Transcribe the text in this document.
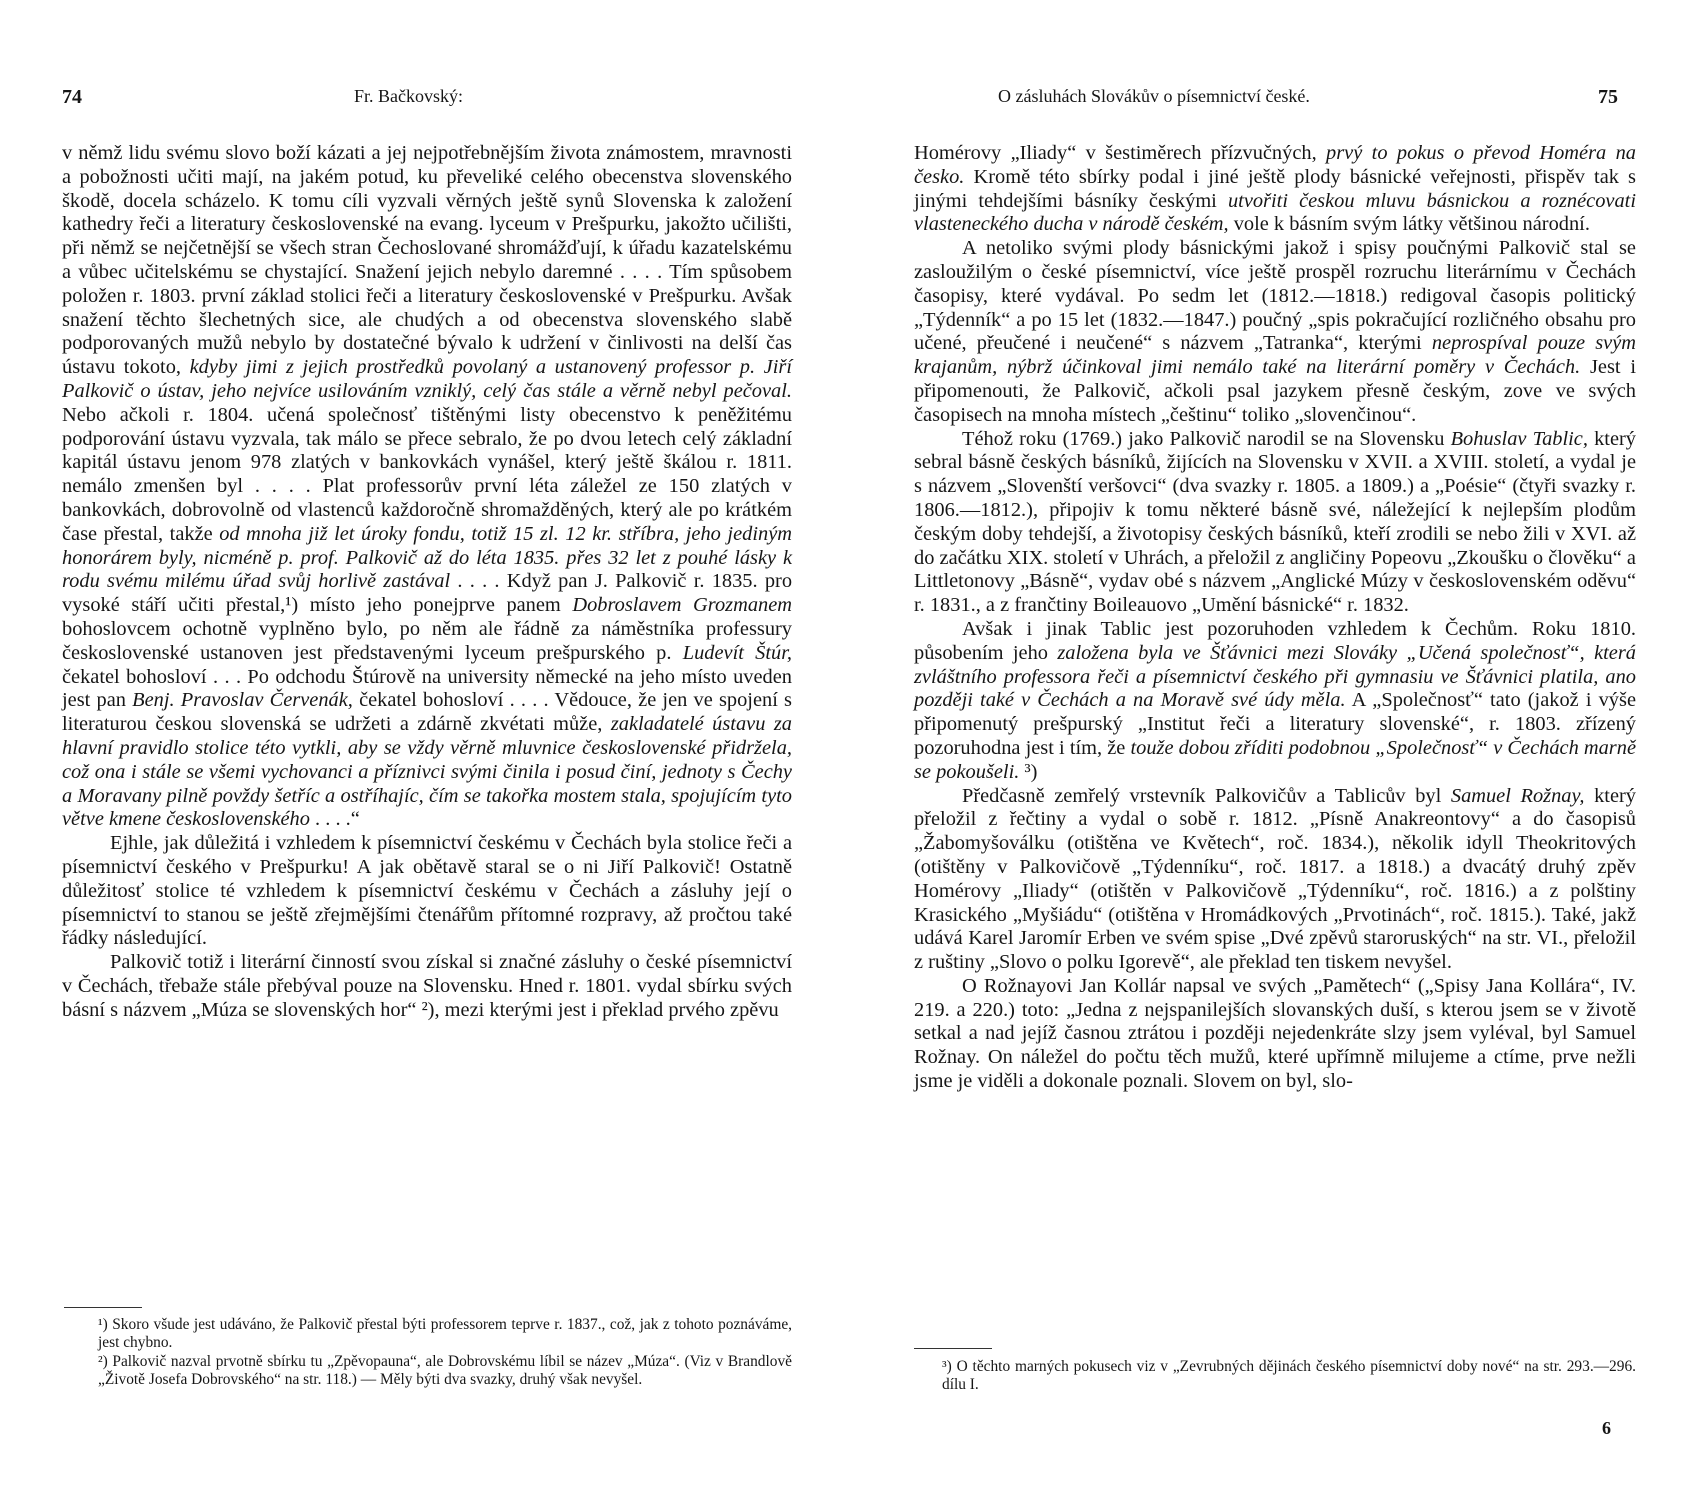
74	Fr. Bačkovský:

v němž lidu svému slovo boží kázati a jej nejpotřebnějším života známostem, mravnosti a pobožnosti učiti mají, na jakém potud, ku převeliké celého obecenstva slovenského škodě, docela scházelo. K tomu cíli vyzvali věrných ještě synů Slovenska k založení kathedry řeči a literatury československé na evang. lyceum v Prešpurku, jakožto učilišti, při němž se nejčetnější se všech stran Čechoslované shromážďují, k úřadu kazatelskému a vůbec učitelskému se chystající. Snažení jejich nebylo daremné . . . . Tím spůsobem položen r. 1803. první základ stolici řeči a literatury československé v Prešpurku. Avšak snažení těchto šlechetných sice, ale chudých a od obecenstva slovenského slabě podporovaných mužů nebylo by dostatečné bývalo k udržení v činlivosti na delší čas ústavu tokoto, kdyby jimi z jejich prostředků povolaný a ustanovený professor p. Jiří Palkovič o ústav, jeho nejvíce usilováním vzniklý, celý čas stále a věrně nebyl pečoval. Nebo ačkoli r. 1804. učená společnosť tištěnými listy obecenstvo k peněžitému podporování ústavu vyzvala, tak málo se přece sebralo, že po dvou letech celý základní kapitál ústavu jenom 978 zlatých v bankovkách vynášel, který ještě škálou r. 1811. nemálo zmenšen byl . . . . Plat professorův první léta záležel ze 150 zlatých v bankovkách, dobrovolně od vlastenců každoročně shromažděných, který ale po krátkém čase přestal, takže od mnoha již let úroky fondu, totiž 15 zl. 12 kr. stříbra, jeho jediným honorárem byly, nicméně p. prof. Palkovič až do léta 1835. přes 32 let z pouhé lásky k rodu svému milému úřad svůj horlivě zastával . . . . Když pan J. Palkovič r. 1835. pro vysoké stáří učiti přestal,¹) místo jeho ponejprve panem Dobroslavem Grozmanem bohoslovcem ochotně vyplněno bylo, po něm ale řádně za náměstníka professury československé ustanoven jest představenými lyceum prešpurského p. Ludevít Štúr, čekatel bohosloví . . . Po odchodu Štúrově na university německé na jeho místo uveden jest pan Benj. Pravoslav Červenák, čekatel bohosloví . . . . Vědouce, že jen ve spojení s literaturou českou slovenská se udržeti a zdárně zkvétati může, zakladatelé ústavu za hlavní pravidlo stolice této vytkli, aby se vždy věrně mluvnice československé přidržela, což ona i stále se všemi vychovanci a příznivci svými činila i posud činí, jednoty s Čechy a Moravany pilně povždy šetříc a ostříhajíc, čím se takořka mostem stala, spojujícím tyto větve kmene československého . . . .“

Ejhle, jak důležitá i vzhledem k písemnictví českému v Čechách byla stolice řeči a písemnictví českého v Prešpurku! A jak obětavě staral se o ni Jiří Palkovič! Ostatně důležitosť stolice té vzhledem k písemnictví českému v Čechách a zásluhy její o písemnictví to stanou se ještě zřejmějšími čtenářům přítomné rozpravy, až pročtou také řádky následující.

Palkovič totiž i literární činností svou získal si značné zásluhy o české písemnictví v Čechách, třebaže stále přebýval pouze na Slovensku. Hned r. 1801. vydal sbírku svých básní s názvem „Múza se slovenských hor“ ²), mezi kterými jest i překlad prvého zpěvu

¹) Skoro všude jest udáváno, že Palkovič přestal býti professorem teprve r. 1837., což, jak z tohoto poznáváme, jest chybno.

²) Palkovič nazval prvotně sbírku tu „Zpěvopauna“, ale Dobrovskému líbil se název „Múza“. (Viz v Brandlově „Životě Josefa Dobrovského“ na str. 118.) — Měly býti dva svazky, druhý však nevyšel.

O zásluhách Slovákův o písemnictví české.	75

Homérovy „Iliady“ v šestiměrech přízvučných, prvý to pokus o převod Homéra na česko. Kromě této sbírky podal i jiné ještě plody básnické veřejnosti, přispěv tak s jinými tehdejšími básníky českými utvořiti českou mluvu básnickou a roznécovati vlasteneckého ducha v národě českém, vole k básním svým látky většinou národní.

A netoliko svými plody básnickými jakož i spisy poučnými Palkovič stal se zasloužilým o české písemnictví, více ještě prospěl rozruchu literárnímu v Čechách časopisy, které vydával. Po sedm let (1812.—1818.) redigoval časopis politický „Týdenník“ a po 15 let (1832.—1847.) poučný „spis pokračující rozličného obsahu pro učené, přeučené i neučené“ s názvem „Tatranka“, kterými neprospíval pouze svým krajanům, nýbrž účinkoval jimi nemálo také na literární poměry v Čechách. Jest i připomenouti, že Palkovič, ačkoli psal jazykem přesně českým, zove ve svých časopisech na mnoha místech „češtinu“ toliko „slovenčinou“.

Téhož roku (1769.) jako Palkovič narodil se na Slovensku Bohuslav Tablic, který sebral básně českých básníků, žijících na Slovensku v XVII. a XVIII. století, a vydal je s názvem „Slovenští veršovci“ (dva svazky r. 1805. a 1809.) a „Poésie“ (čtyři svazky r. 1806.—1812.), připojiv k tomu některé básně své, náležející k nejlepším plodům českým doby tehdejší, a životopisy českých básníků, kteří zrodili se nebo žili v XVI. až do začátku XIX. století v Uhrách, a přeložil z angličiny Popeovu „Zkoušku o člověku“ a Littletonovy „Básně“, vydav obé s názvem „Anglické Múzy v československém oděvu“ r. 1831., a z frančtiny Boileauovo „Umění básnické“ r. 1832.

Avšak i jinak Tablic jest pozoruhoden vzhledem k Čechům. Roku 1810. působením jeho založena byla ve Šťávnici mezi Slováky „Učená společnosť“, která zvláštního professora řeči a písemnictví českého při gymnasiu ve Šťávnici platila, ano později také v Čechách a na Moravě své údy měla. A „Společnosť“ tato (jakož i výše připomenutý prešpurský „Institut řeči a literatury slovenské“, r. 1803. zřízený pozoruhodna jest i tím, že touže dobou zříditi podobnou „Společnosť“ v Čechách marně se pokoušeli. ³)

Předčasně zemřelý vrstevník Palkovičův a Tablicův byl Samuel Rožnay, který přeložil z řečtiny a vydal o sobě r. 1812. „Písně Anakreontovy“ a do časopisů „Žabomyšoválku (otištěna ve Květech“, roč. 1834.), několik idyll Theokritových (otištěny v Palkovičově „Týdenníku“, roč. 1817. a 1818.) a dvacátý druhý zpěv Homérovy „Iliady“ (otištěn v Palkovičově „Týdenníku“, roč. 1816.) a z polštiny Krasického „Myšiádu“ (otištěna v Hromádkových „Prvotinách“, roč. 1815.). Také, jakž udává Karel Jaromír Erben ve svém spise „Dvé zpěvů staroruských“ na str. VI., přeložil z ruštiny „Slovo o polku Igorevě“, ale překlad ten tiskem nevyšel.

O Rožnayovi Jan Kollár napsal ve svých „Pamětech“ („Spisy Jana Kollára“, IV. 219. a 220.) toto: „Jedna z nejspanilejších slovanských duší, s kterou jsem se v životě setkal a nad jejíž časnou ztrátou i později nejedenkráte slzy jsem vyléval, byl Samuel Rožnay. On náležel do počtu těch mužů, které upřímně milujeme a ctíme, prve nežli jsme je viděli a dokonale poznali. Slovem on byl, slo-

³) O těchto marných pokusech viz v „Zevrubných dějinách českého písemnictví doby nové“ na str. 293.—296. dílu I.

6
